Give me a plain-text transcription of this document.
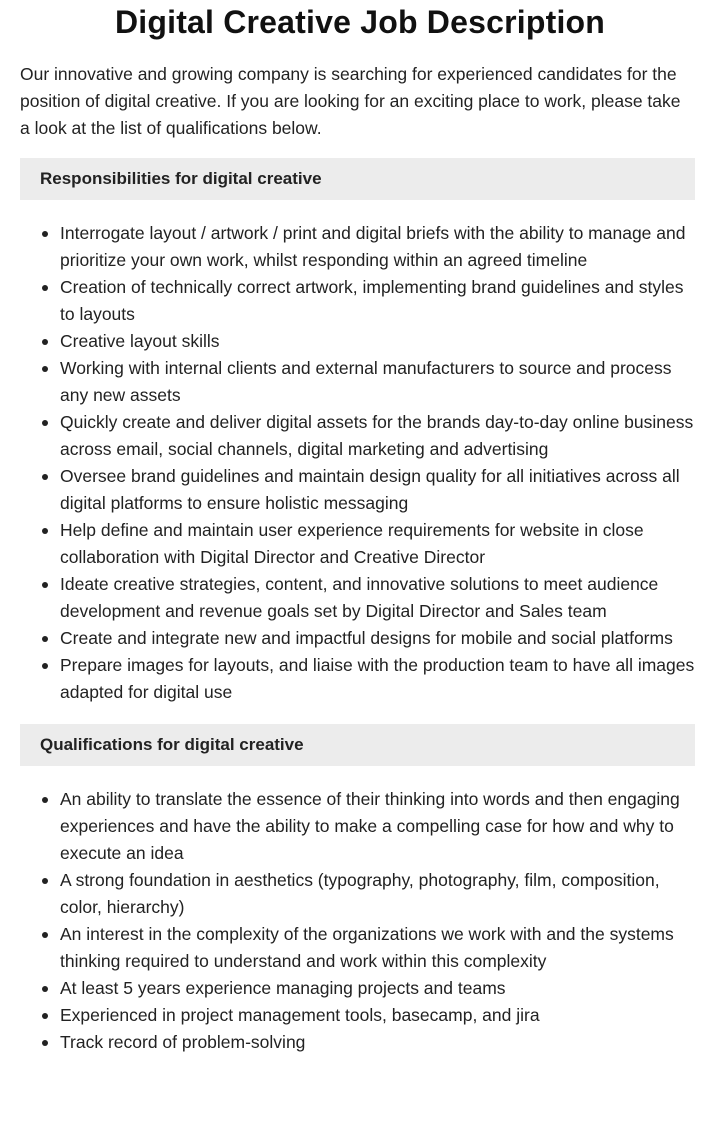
Digital Creative Job Description

Our innovative and growing company is searching for experienced candidates for the position of digital creative. If you are looking for an exciting place to work, please take a look at the list of qualifications below.

Responsibilities for digital creative
Interrogate layout / artwork / print and digital briefs with the ability to manage and prioritize your own work, whilst responding within an agreed timeline
Creation of technically correct artwork, implementing brand guidelines and styles to layouts
Creative layout skills
Working with internal clients and external manufacturers to source and process any new assets
Quickly create and deliver digital assets for the brands day-to-day online business across email, social channels, digital marketing and advertising
Oversee brand guidelines and maintain design quality for all initiatives across all digital platforms to ensure holistic messaging
Help define and maintain user experience requirements for website in close collaboration with Digital Director and Creative Director
Ideate creative strategies, content, and innovative solutions to meet audience development and revenue goals set by Digital Director and Sales team
Create and integrate new and impactful designs for mobile and social platforms
Prepare images for layouts, and liaise with the production team to have all images adapted for digital use
Qualifications for digital creative
An ability to translate the essence of their thinking into words and then engaging experiences and have the ability to make a compelling case for how and why to execute an idea
A strong foundation in aesthetics (typography, photography, film, composition, color, hierarchy)
An interest in the complexity of the organizations we work with and the systems thinking required to understand and work within this complexity
At least 5 years experience managing projects and teams
Experienced in project management tools, basecamp, and jira
Track record of problem-solving
